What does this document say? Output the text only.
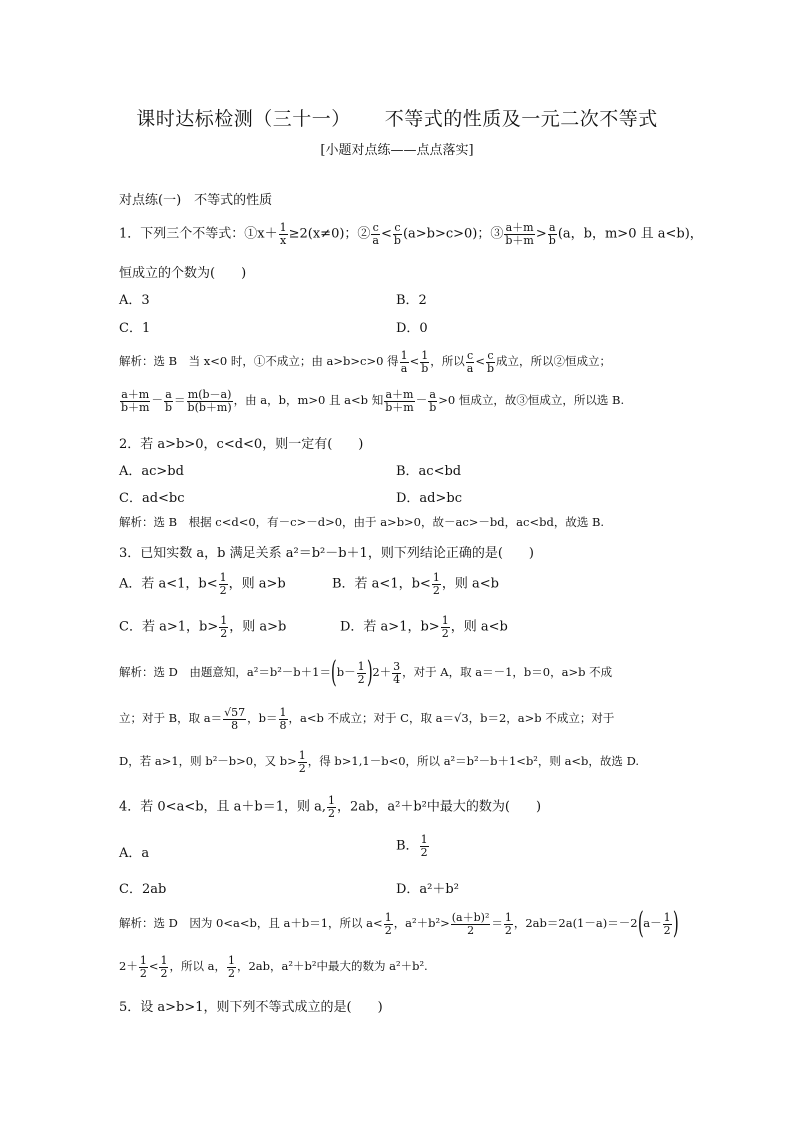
课时达标检测（三十一） 不等式的性质及一元二次不等式
[小题对点练——点点落实]
对点练(一)　不等式的性质
1．下列三个不等式：①x＋ $\frac{1}{x} \ge 2(x\ne 0)$；② $\frac{c}{a} < \frac{c}{b} (a>b>c>0)$；③ $\frac{a+m}{b+m} > \frac{a}{b} (a$，b，m>0 且 a<b)，
恒成立的个数为(　　)
A．3	B．2
C．1	D．0
解析：选 B　当 x<0 时，①不成立；由 a>b>c>0 得 $\frac{1}{a} < \frac{1}{b}$ ，所以 $\frac{c}{a} < \frac{c}{b}$ 成立，所以②恒成立；
$\frac{a+m}{b+m} - \frac{a}{b} = \frac{m(b-a)}{b(b+m)}$ ，由 a，b，m>0 且 a<b 知 $\frac{a+m}{b+m} - \frac{a}{b} >0$ 恒成立，故③恒成立，所以选 B.
2．若 a>b>0，c<d<0，则一定有(　　)
A．ac>bd	B．ac<bd
C．ad<bc	D．ad>bc
解析：选 B　根据 c<d<0，有－c>－d>0，由于 a>b>0，故－ac>－bd，ac<bd，故选 B.
3．已知实数 a，b 满足关系 a²＝b²－b＋1，则下列结论正确的是(　　)
A．若 a<1，$b< \frac{1}{2}$ ，则 a>b	B．若 a<1，$b< \frac{1}{2}$ ，则 a<b
C．若 a>1，$b> \frac{1}{2}$ ，则 a>b	D．若 a>1，$b> \frac{1}{2}$ ，则 a<b
解析：选 D　由题意知，$a^2=b^2-b+1=(b- \frac{1}{2} )2+ \frac{3}{4}$ ，对于 A，取 a＝－1，b＝0，a>b 不成
立；对于 B，取 $a= \frac{√57}{8}$ ，$b= \frac{1}{8}$ ，a<b 不成立；对于 C，取 a＝√3，b＝2，a>b 不成立；对于
D，若 a>1，则 b²－b>0，又 $b> \frac{1}{2}$ ，得 b>1,1－b<0，所以 a²＝b²－b＋1<b²，则 a<b，故选 D.
4．若 0<a<b，且 a＋b＝1，则 a, $\frac{1}{2}$ ，2ab，a²＋b²中最大的数为(　　)
A．a	B． $\frac{1}{2}$
C．2ab	D．a²＋b²
解析：选 D　因为 0<a<b，且 a＋b＝1，所以 $a< \frac{1}{2}$ ，$a^2+b^2> \frac{\text{(a＋b)²}}{2} = \frac{1}{2}$ ，$2ab=2a(1-a)=-2(a- \frac{1}{2}$ )
$2+ \frac{1}{2} < \frac{1}{2}$ ，所以 a， $\frac{1}{2}$ ，2ab，a²＋b²中最大的数为 a²＋b².
5．设 a>b>1，则下列不等式成立的是(　　)
